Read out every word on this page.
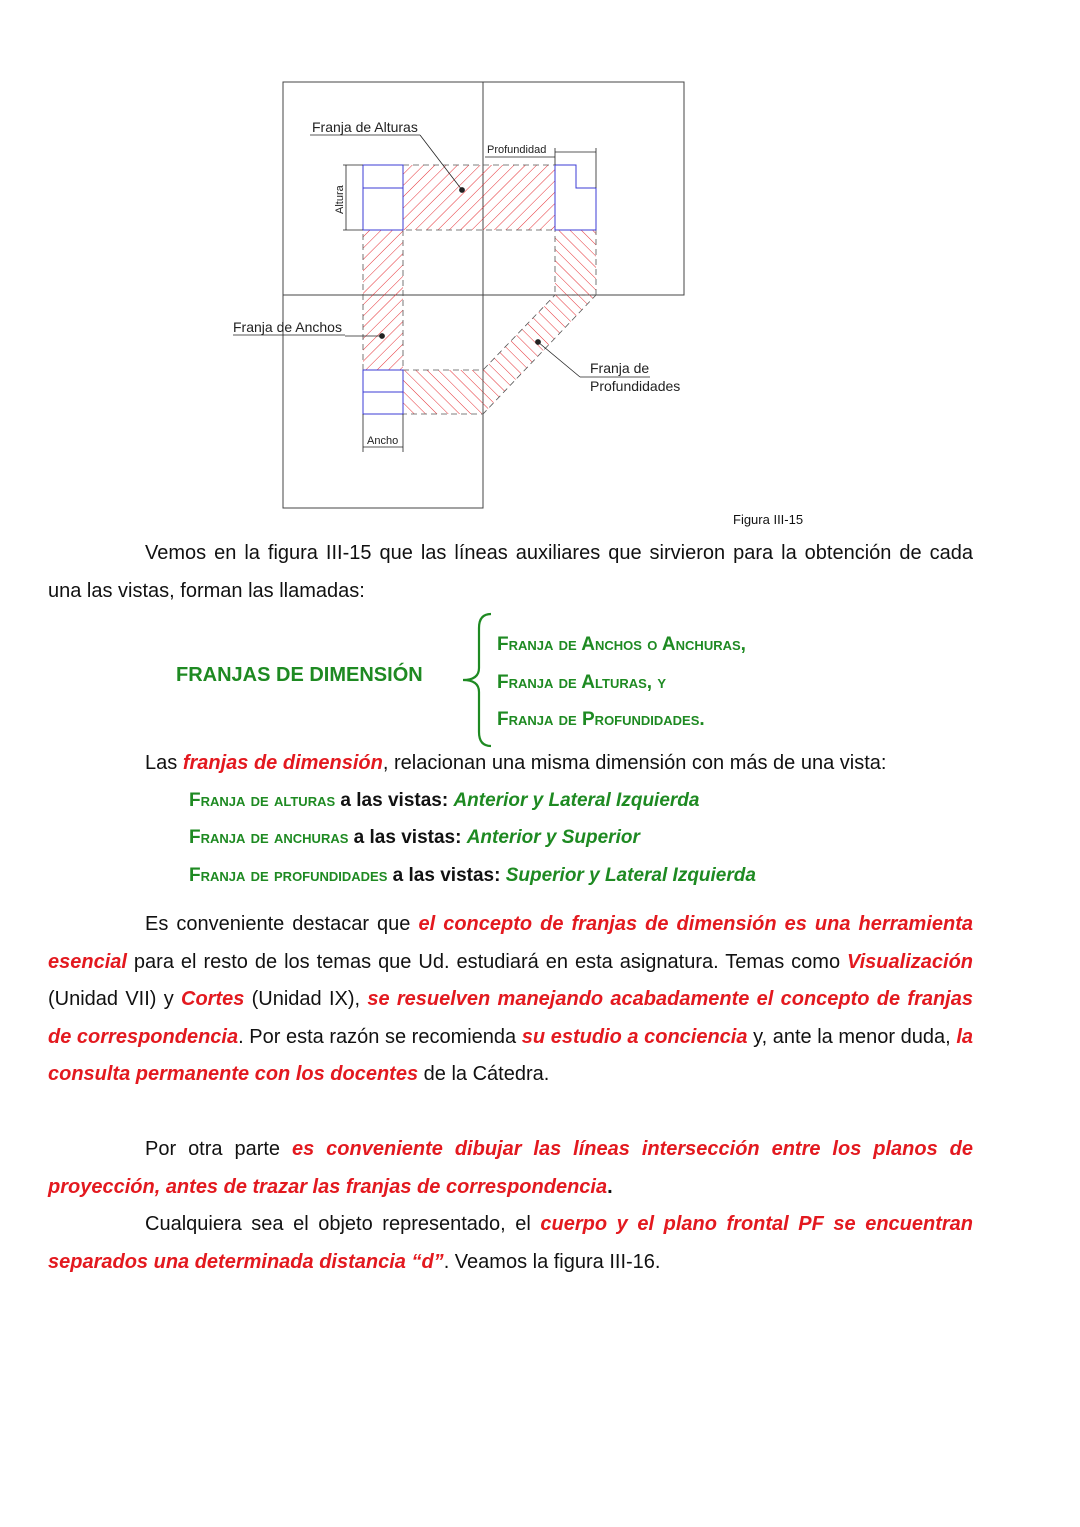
Franja de Alturas
Profundidad
Altura
Franja de Anchos
Franja de
Profundidades
Ancho
Figura III-15

Vemos en la figura III-15 que las líneas auxiliares que sirvieron para la obtención de cada una las vistas, forman las llamadas:

FRANJAS DE DIMENSIÓN
Franja de Anchos o Anchuras,
Franja de Alturas, y
Franja de Profundidades.

Las franjas de dimensión, relacionan una misma dimensión con más de una vista:

Franja de alturas a las vistas: Anterior y Lateral Izquierda
Franja de anchuras a las vistas: Anterior y Superior
Franja de profundidades a las vistas: Superior y Lateral Izquierda

Es conveniente destacar que el concepto de franjas de dimensión es una herramienta esencial para el resto de los temas que Ud. estudiará en esta asignatura. Temas como Visualización (Unidad VII) y Cortes (Unidad IX), se resuelven manejando acabadamente el concepto de franjas de correspondencia. Por esta razón se recomienda su estudio a conciencia y, ante la menor duda, la consulta permanente con los docentes de la Cátedra.

Por otra parte es conveniente dibujar las líneas intersección entre los planos de proyección, antes de trazar las franjas de correspondencia.

Cualquiera sea el objeto representado, el cuerpo y el plano frontal PF se encuentran separados una determinada distancia “d”. Veamos la figura III-16.
